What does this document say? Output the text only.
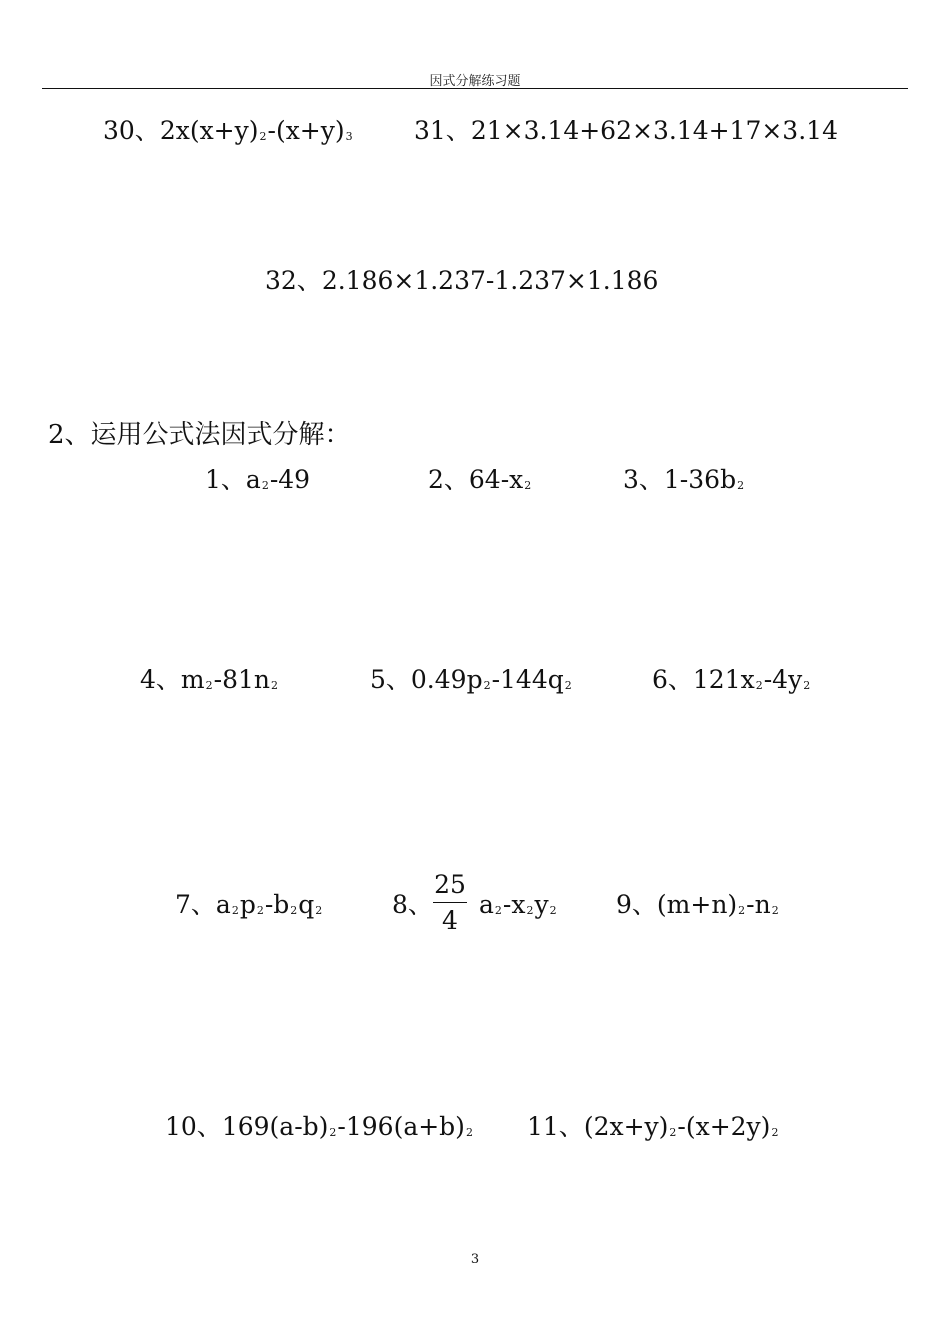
因式分解练习题
30、2x(x+y)2-(x+y)3 31、21×3.14+62×3.14+17×3.14
32、2.186×1.237-1.237×1.186
2、运用公式法因式分解：
1、a2-49	2、64-x2	3、1-36b2
4、m2-81n2	5、0.49p2-144q2	6、121x2-4y2
7、a2p2-b2q2	8、 $\frac{25}{4} a2-x2y2$ 9、(m+n)2-n2
10、169(a-b)2-196(a+b)2 11、(2x+y)2-(x+2y)2
3
